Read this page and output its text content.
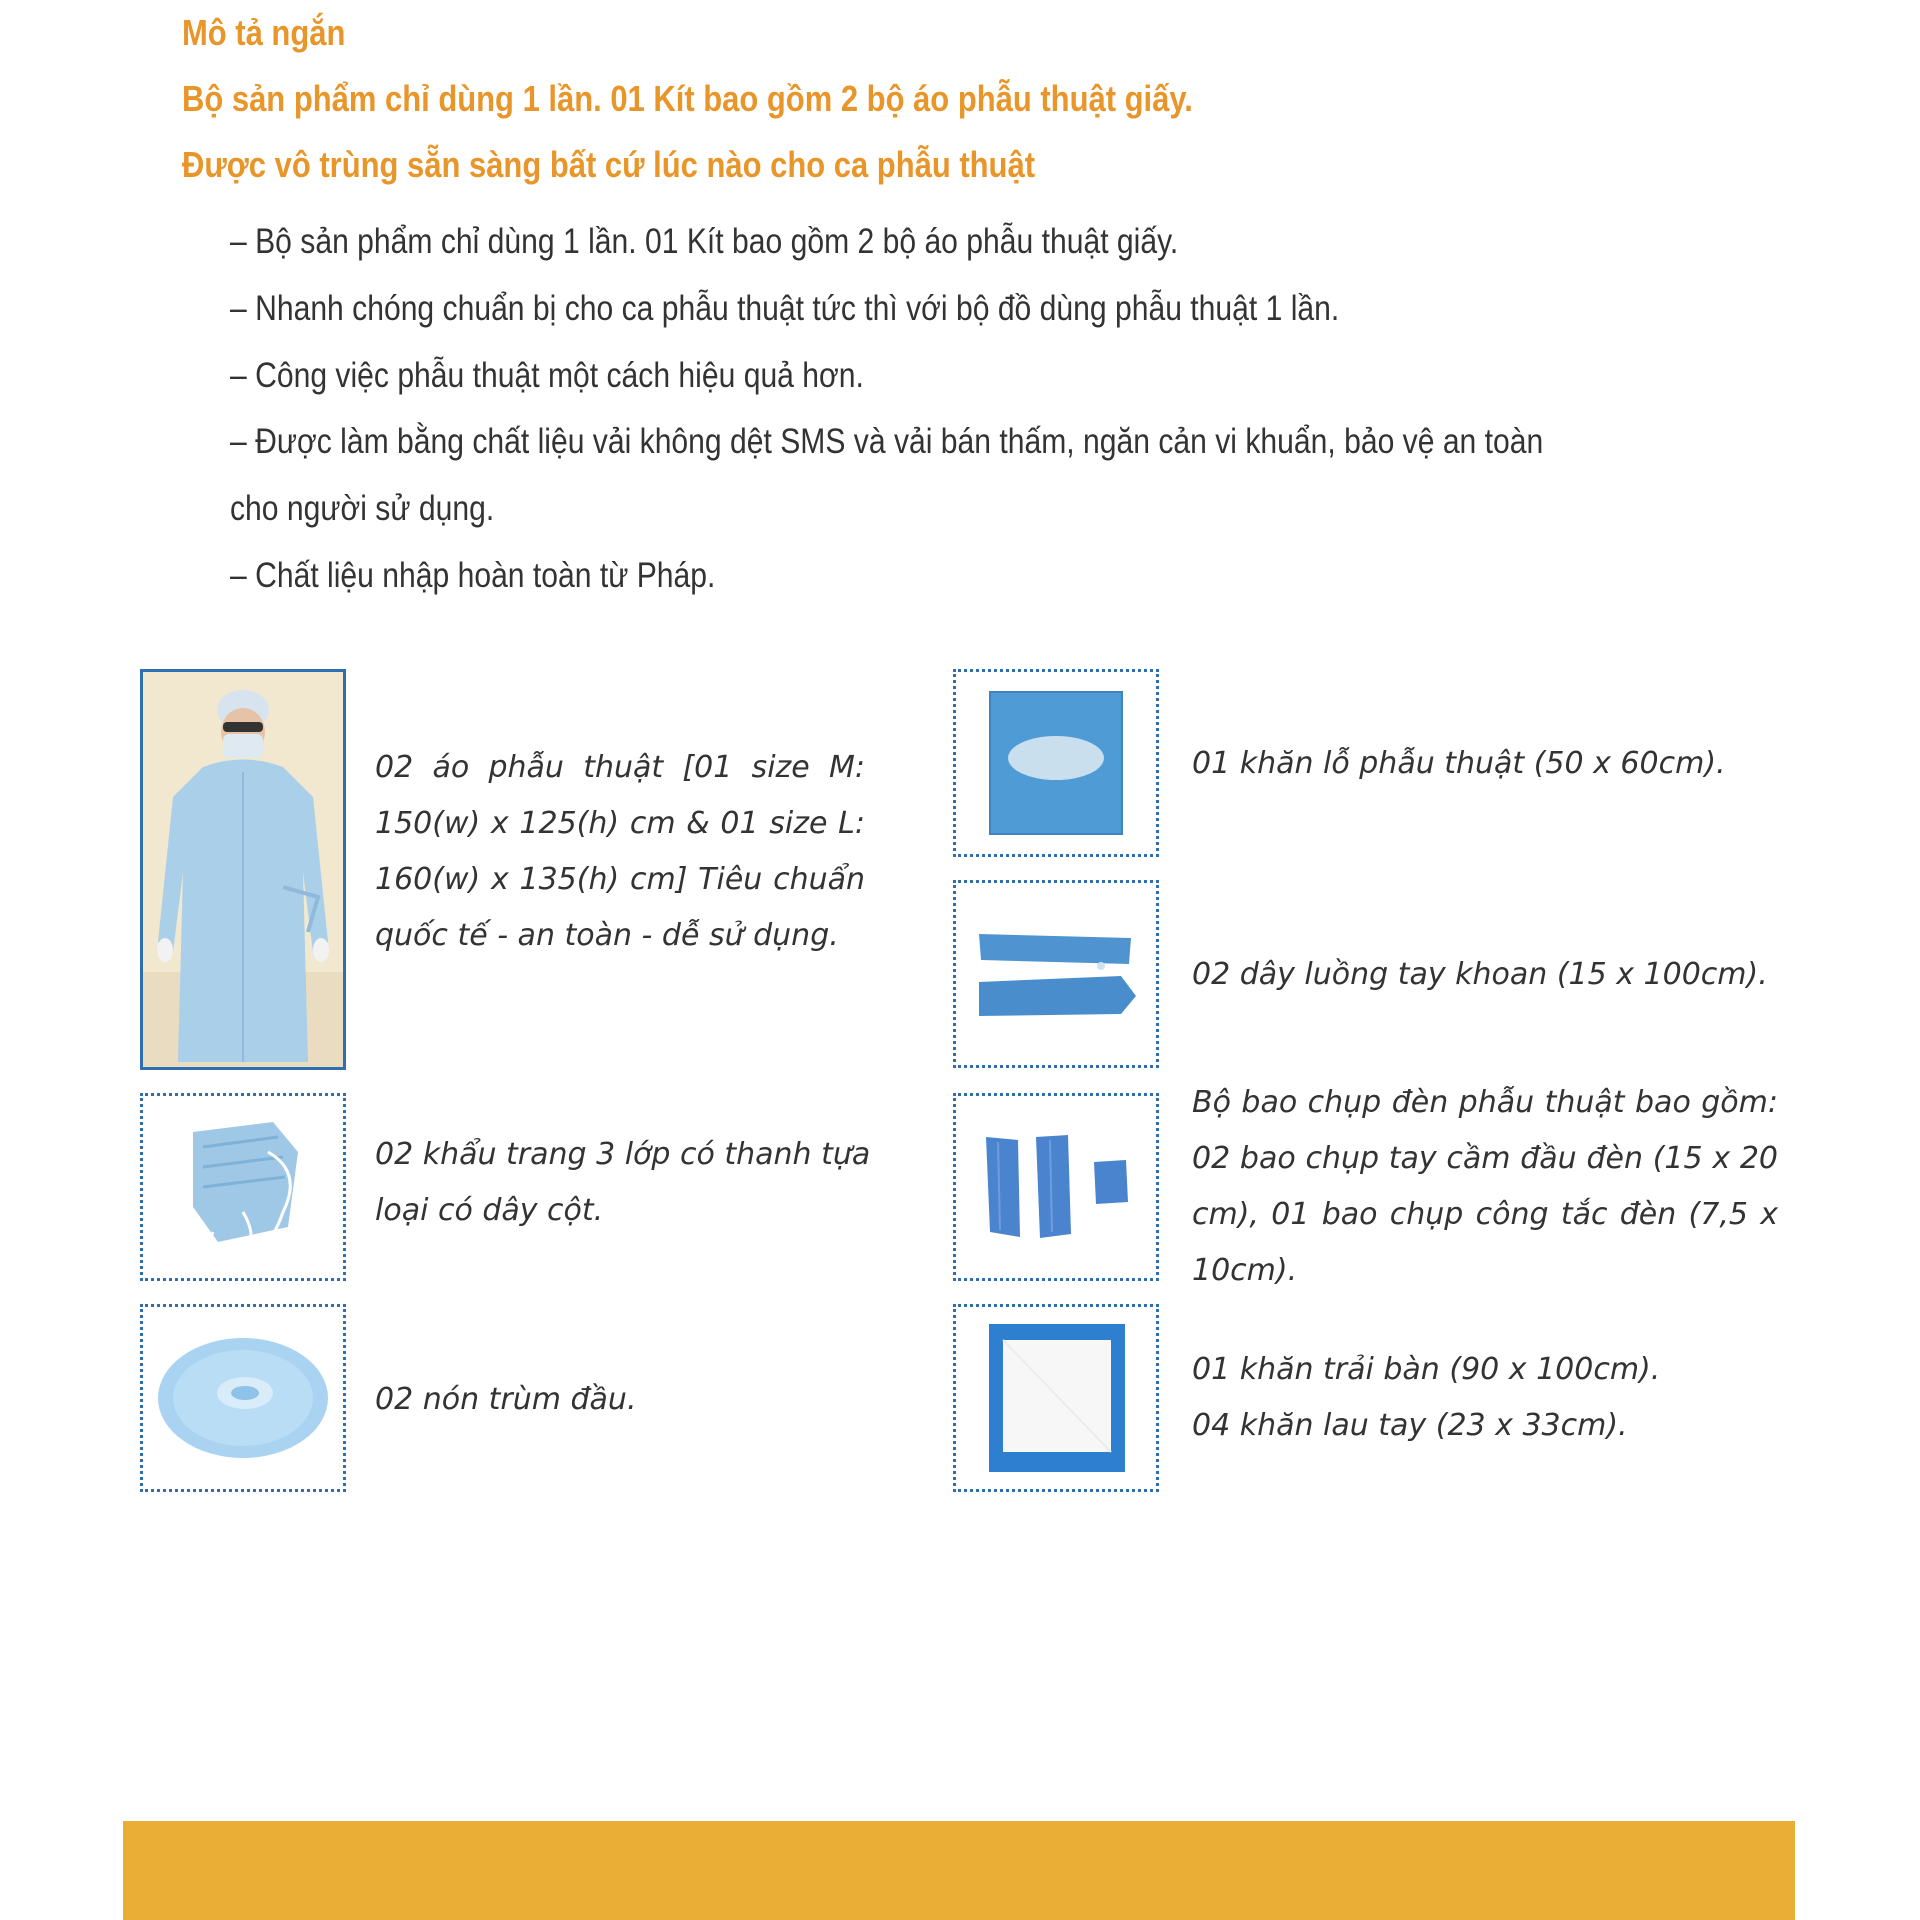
Mô tả ngắn

Bộ sản phẩm chỉ dùng 1 lần. 01 Kít bao gồm 2 bộ áo phẫu thuật giấy.

Được vô trùng sẵn sàng bất cứ lúc nào cho ca phẫu thuật

– Bộ sản phẩm chỉ dùng 1 lần. 01 Kít bao gồm 2 bộ áo phẫu thuật giấy.

– Nhanh chóng chuẩn bị cho ca phẫu thuật tức thì với bộ đồ dùng phẫu thuật 1 lần.

– Công việc phẫu thuật một cách hiệu quả hơn.

– Được làm bằng chất liệu vải không dệt SMS và vải bán thấm, ngăn cản vi khuẩn, bảo vệ an toàn

cho người sử dụng.

– Chất liệu nhập hoàn toàn từ Pháp.

02 áo phẫu thuật [01 size M: 150(w) x 125(h) cm & 01 size L: 160(w) x 135(h) cm] Tiêu chuẩn quốc tế - an toàn - dễ sử dụng.
02 khẩu trang 3 lớp có thanh tựa loại có dây cột.
02 nón trùm đầu.
01 khăn lỗ phẫu thuật (50 x 60cm).
02 dây luồng tay khoan (15 x 100cm).
Bộ bao chụp đèn phẫu thuật bao gồm: 02 bao chụp tay cầm đầu đèn (15 x 20 cm), 01 bao chụp công tắc đèn (7,5 x 10cm).

01 khăn trải bàn (90 x 100cm).

04 khăn lau tay (23 x 33cm).
